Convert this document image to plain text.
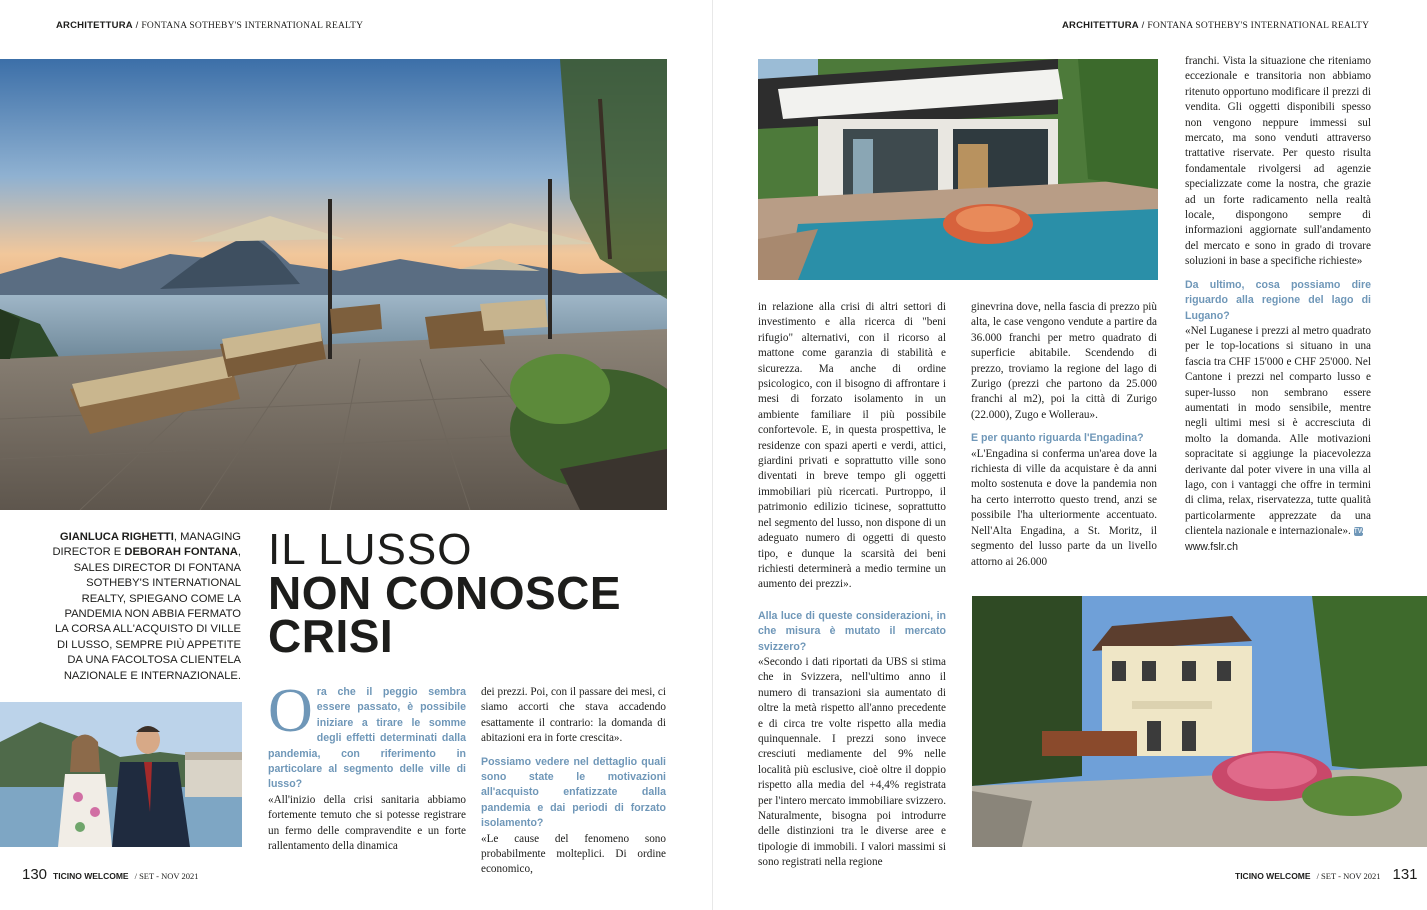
ARCHITETTURA / FONTANA SOTHEBY'S INTERNATIONAL REALTY
GIANLUCA RIGHETTI, MANAGING DIRECTOR E DEBORAH FONTANA, SALES DIRECTOR DI FONTANA SOTHEBY'S INTERNATIONAL REALTY, SPIEGANO COME LA PANDEMIA NON ABBIA FERMATO LA CORSA ALL'ACQUISTO DI VILLE DI LUSSO, SEMPRE PIÙ APPETITE DA UNA FACOLTOSA CLIENTELA NAZIONALE E INTERNAZIONALE.
IL LUSSO
NON CONOSCE
CRISI
O ra che il peggio sembra essere passato, è possibile iniziare a tirare le somme degli effetti determinati dalla pandemia, con riferimento in particolare al segmento delle ville di lusso?
«All'inizio della crisi sanitaria abbiamo fortemente temuto che si potesse registrare un fermo delle compravendite e un forte rallentamento della dinamica

dei prezzi. Poi, con il passare dei mesi, ci siamo accorti che stava accadendo esattamente il contrario: la domanda di abitazioni era in forte crescita».

Possiamo vedere nel dettaglio quali sono state le motivazioni all'acquisto enfatizzate dalla pandemia e dai periodi di forzato isolamento?

«Le cause del fenomeno sono probabilmente molteplici. Di ordine economico,

130 TICINO WELCOME / SET - NOV 2021
ARCHITETTURA / FONTANA SOTHEBY'S INTERNATIONAL REALTY

in relazione alla crisi di altri settori di investimento e alla ricerca di "beni rifugio" alternativi, con il ricorso al mattone come garanzia di stabilità e sicurezza. Ma anche di ordine psicologico, con il bisogno di affrontare i mesi di forzato isolamento in un ambiente familiare il più possibile confortevole. E, in questa prospettiva, le residenze con spazi aperti e verdi, attici, giardini privati e soprattutto ville sono diventati in breve tempo gli oggetti immobiliari più ricercati. Purtroppo, il patrimonio edilizio ticinese, soprattutto nel segmento del lusso, non dispone di un adeguato numero di oggetti di questo tipo, e dunque la scarsità dei beni richiesti determinerà a medio termine un aumento dei prezzi».

Alla luce di queste considerazioni, in che misura è mutato il mercato svizzero?

«Secondo i dati riportati da UBS si stima che in Svizzera, nell'ultimo anno il numero di transazioni sia aumentato di oltre la metà rispetto all'anno precedente e di circa tre volte rispetto alla media quinquennale. I prezzi sono invece cresciuti mediamente del 9% nelle località più esclusive, cioè oltre il doppio rispetto alla media del +4,4% registrata per l'intero mercato immobiliare svizzero. Naturalmente, bisogna poi introdurre delle distinzioni tra le diverse aree e tipologie di immobili. I valori massimi si sono registrati nella regione

ginevrina dove, nella fascia di prezzo più alta, le case vengono vendute a partire da 36.000 franchi per metro quadrato di superficie abitabile. Scendendo di prezzo, troviamo la regione del lago di Zurigo (prezzi che partono da 25.000 franchi al m2), poi la città di Zurigo (22.000), Zugo e Wollerau».

E per quanto riguarda l'Engadina?

«L'Engadina si conferma un'area dove la richiesta di ville da acquistare è da anni molto sostenuta e dove la pandemia non ha certo interrotto questo trend, anzi se possibile l'ha ulteriormente accentuato. Nell'Alta Engadina, a St. Moritz, il segmento del lusso parte da un livello attorno ai 26.000

franchi. Vista la situazione che riteniamo eccezionale e transitoria non abbiamo ritenuto opportuno modificare il prezzi di vendita. Gli oggetti disponibili spesso non vengono neppure immessi sul mercato, ma sono venduti attraverso trattative riservate. Per questo risulta fondamentale rivolgersi ad agenzie specializzate come la nostra, che grazie ad un forte radicamento nella realtà locale, dispongono sempre di informazioni aggiornate sull'andamento del mercato e sono in grado di trovare soluzioni in base a specifiche richieste»

Da ultimo, cosa possiamo dire riguardo alla regione del lago di Lugano?

«Nel Luganese i prezzi al metro quadrato per le top-locations si situano in una fascia tra CHF 15'000 e CHF 25'000. Nel Cantone i prezzi nel comparto lusso e super-lusso non sembrano essere aumentati in modo sensibile, mentre negli ultimi mesi si è accresciuta di molto la domanda. Alle motivazioni sopracitate si aggiunge la piacevolezza derivante dal poter vivere in una villa al lago, con i vantaggi che offre in termini di clima, relax, riservatezza, tutte qualità particolarmente apprezzate da una clientela nazionale e internazionale». TW

www.fslr.ch

TICINO WELCOME / SET - NOV 2021 131
